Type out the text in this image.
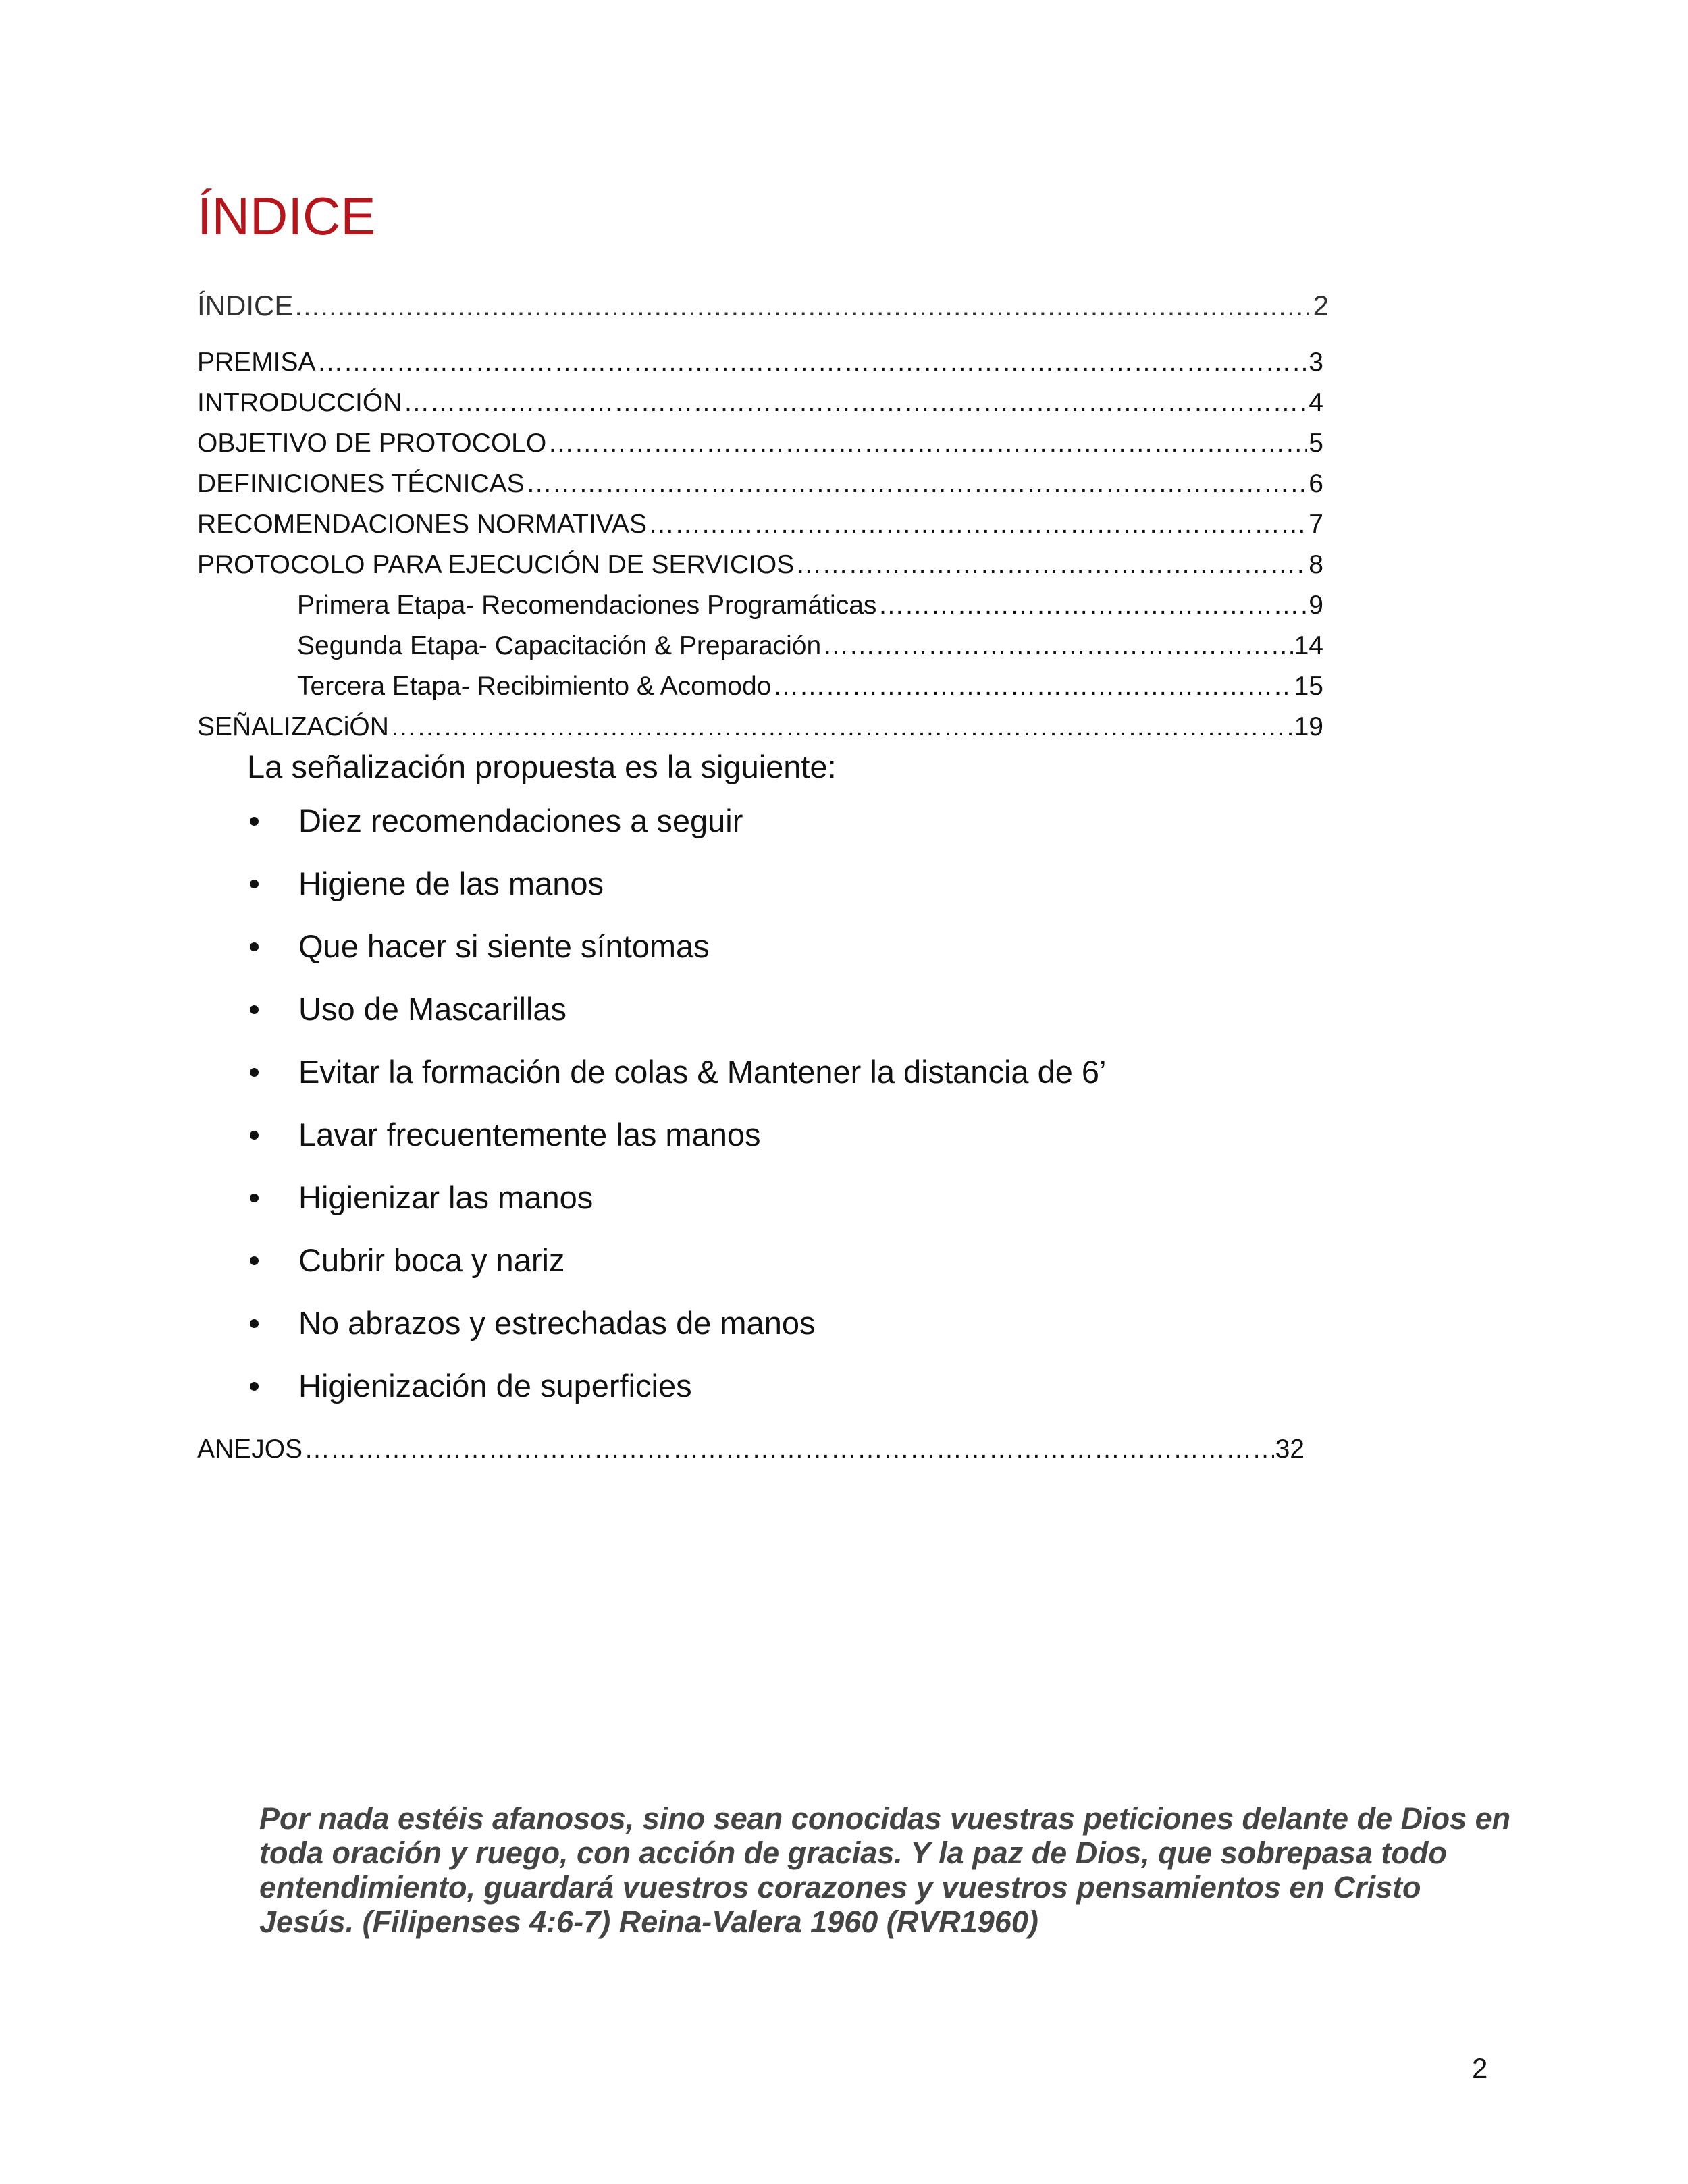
ÍNDICE
ÍNDICE .....	2
PREMISA …………………………………………………………………………………………………………………………………………………………………………………………………………………………………………………………………………	3
INTRODUCCIÓN …………………………………………………………………………………………………………………………………………………………………………………………………………………………………………………………………………	4
OBJETIVO DE PROTOCOLO …………………………………………………………………………………………………………………………………………………………………………………………………………………………………………………………………………	5
DEFINICIONES TÉCNICAS …………………………………………………………………………………………………………………………………………………………………………………………………………………………………………………………………………	6
RECOMENDACIONES NORMATIVAS …………………………………………………………………………………………………………………………………………………………………………………………………………………………………………………………………………	7
PROTOCOLO PARA EJECUCIÓN DE SERVICIOS …………………………………………………………………………………………………………………………………………………………………………………………………………………………………………………………………………	8
Primera Etapa- Recomendaciones Programáticas …………………………………………………………………………………………………………………………………………………………………………………………………………………………………………………………………………	9
Segunda Etapa- Capacitación & Preparación …………………………………………………………………………………………………………………………………………………………………………………………………………………………………………………………………………	14
Tercera Etapa- Recibimiento & Acomodo …………………………………………………………………………………………………………………………………………………………………………………………………………………………………………………………………………	15
SEÑALIZACiÓN …………………………………………………………………………………………………………………………………………………………………………………………………………………………………………………………………………	19

La señalización propuesta es la siguiente:

Diez recomendaciones a seguir
Higiene de las manos
Que hacer si siente síntomas
Uso de Mascarillas
Evitar la formación de colas & Mantener la distancia de 6’
Lavar frecuentemente las manos
Higienizar las manos
Cubrir boca y nariz
No abrazos y estrechadas de manos
Higienización de superficies
ANEJOS …………………………………………………………………………………………………………………………………………………………………………………………………………………………………………………………………………	32

Por nada estéis afanosos, sino sean conocidas vuestras peticiones delante de Dios en toda oración y ruego, con acción de gracias. Y la paz de Dios, que sobrepasa todo entendimiento, guardará vuestros corazones y vuestros pensamientos en Cristo Jesús. (Filipenses 4:6-7) Reina-Valera 1960 (RVR1960)

2
